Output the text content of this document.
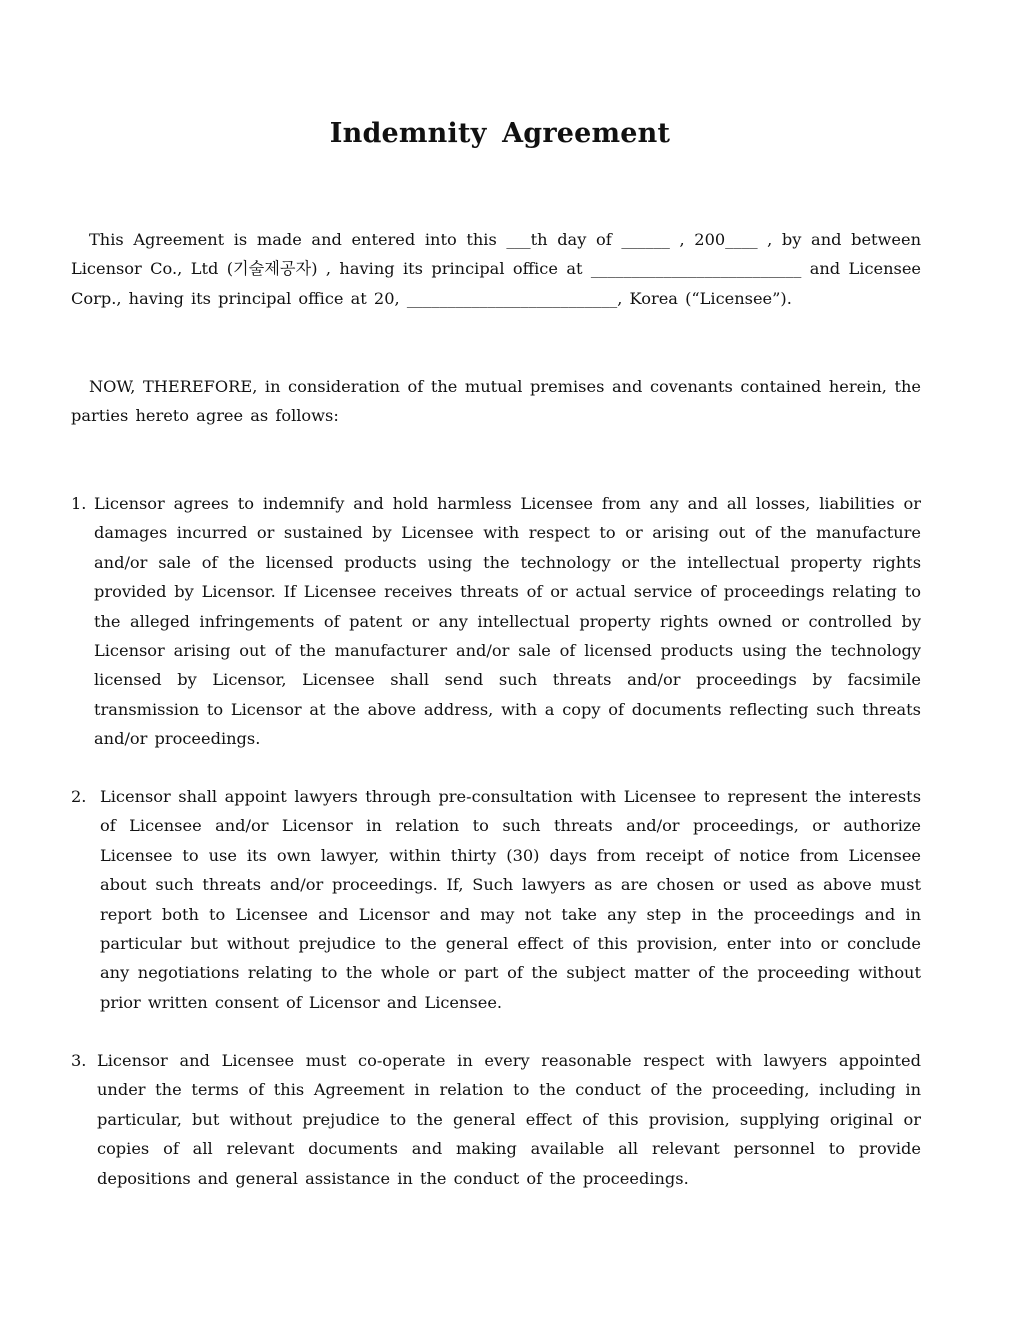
Indemnity Agreement
This Agreement is made and entered into this ___th day of ______ , 200____ , by and between Licensor Co., Ltd (기술제공자) , having its principal office at __________________________ and Licensee Corp., having its principal office at 20, __________________________, Korea (“Licensee”).
NOW, THEREFORE, in consideration of the mutual premises and covenants contained herein, the parties hereto agree as follows:
1. Licensor agrees to indemnify and hold harmless Licensee from any and all losses, liabilities or damages incurred or sustained by Licensee with respect to or arising out of the manufacture and/or sale of the licensed products using the technology or the intellectual property rights provided by Licensor. If Licensee receives threats of or actual service of proceedings relating to the alleged infringements of patent or any intellectual property rights owned or controlled by Licensor arising out of the manufacturer and/or sale of licensed products using the technology licensed by Licensor, Licensee shall send such threats and/or proceedings by facsimile transmission to Licensor at the above address, with a copy of documents reflecting such threats and/or proceedings.
2. Licensor shall appoint lawyers through pre-consultation with Licensee to represent the interests of Licensee and/or Licensor in relation to such threats and/or proceedings, or authorize Licensee to use its own lawyer, within thirty (30) days from receipt of notice from Licensee about such threats and/or proceedings. If, Such lawyers as are chosen or used as above must report both to Licensee and Licensor and may not take any step in the proceedings and in particular but without prejudice to the general effect of this provision, enter into or conclude any negotiations relating to the whole or part of the subject matter of the proceeding without prior written consent of Licensor and Licensee.
3. Licensor and Licensee must co-operate in every reasonable respect with lawyers appointed under the terms of this Agreement in relation to the conduct of the proceeding, including in particular, but without prejudice to the general effect of this provision, supplying original or copies of all relevant documents and making available all relevant personnel to provide depositions and general assistance in the conduct of the proceedings.
